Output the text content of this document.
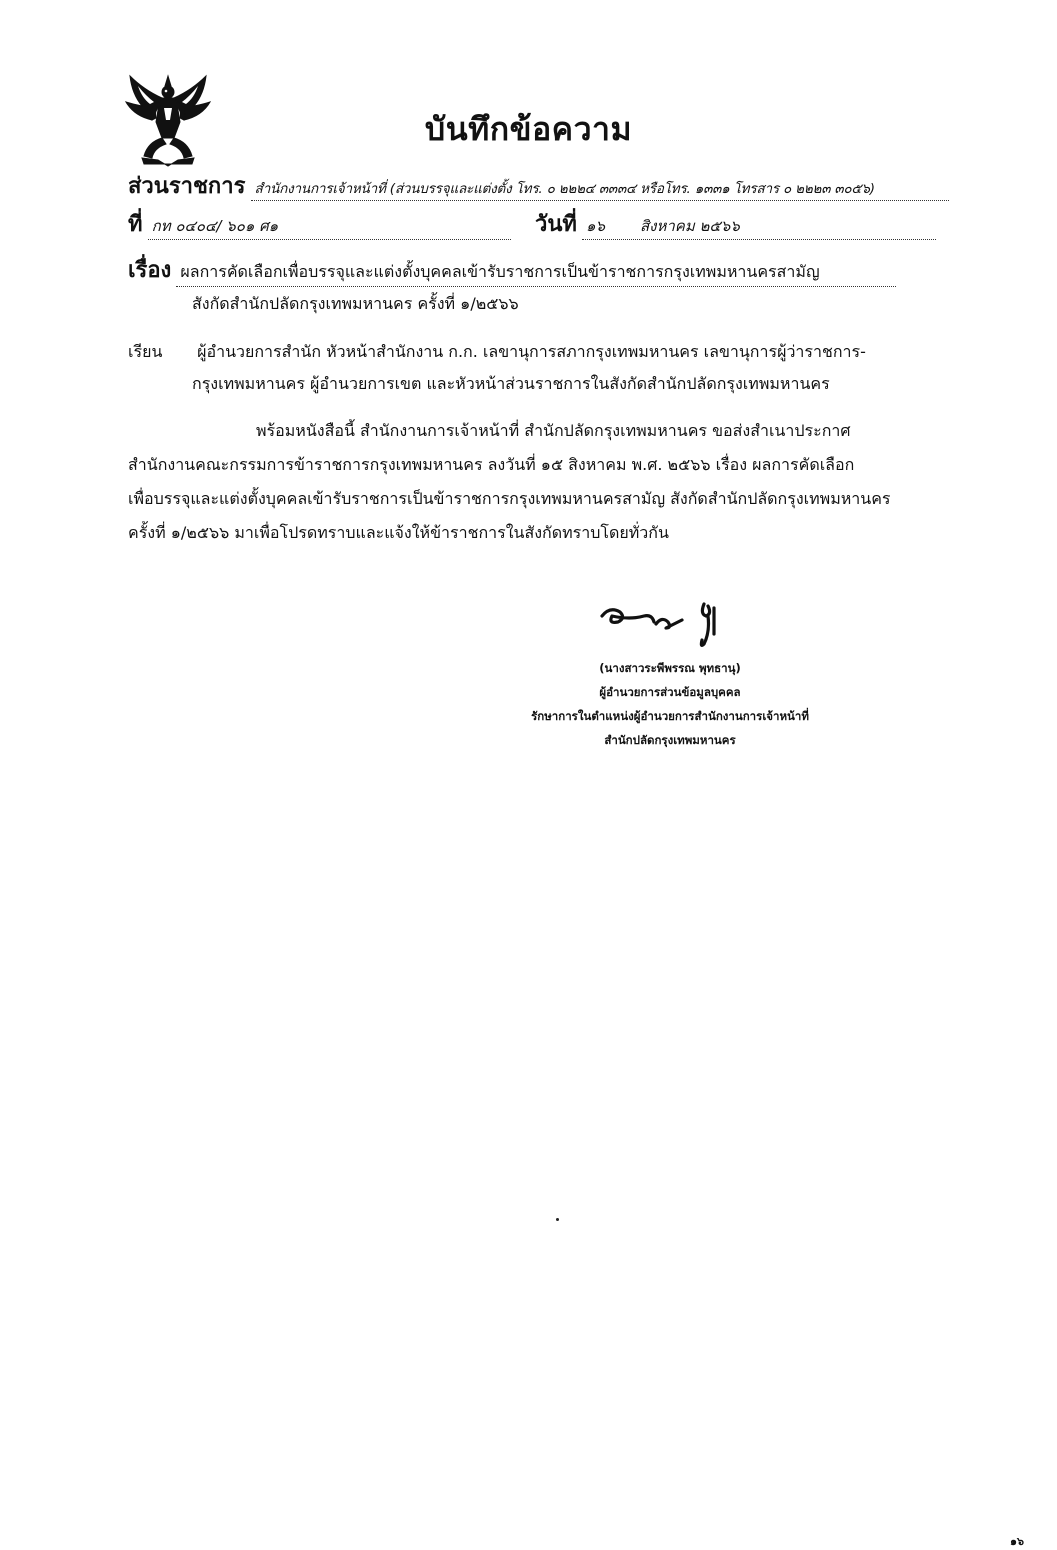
บันทึกข้อความ
ส่วนราชการ สำนักงานการเจ้าหน้าที่ (ส่วนบรรจุและแต่งตั้ง โทร. ๐ ๒๒๒๔ ๓๓๓๔ หรือโทร. ๑๓๓๑ โทรสาร ๐ ๒๒๒๓ ๓๐๕๖)
ที่ กท ๐๔๐๔/ ๖๐๑ ศ๑	วันที่ ๑๖ สิงหาคม ๒๕๖๖
เรื่อง ผลการคัดเลือกเพื่อบรรจุและแต่งตั้งบุคคลเข้ารับราชการเป็นข้าราชการกรุงเทพมหานครสามัญ
สังกัดสำนักปลัดกรุงเทพมหานคร ครั้งที่ ๑/๒๕๖๖
เรียน ผู้อำนวยการสำนัก หัวหน้าสำนักงาน ก.ก. เลขานุการสภากรุงเทพมหานคร เลขานุการผู้ว่าราชการ-
กรุงเทพมหานคร ผู้อำนวยการเขต และหัวหน้าส่วนราชการในสังกัดสำนักปลัดกรุงเทพมหานคร
พร้อมหนังสือนี้ สำนักงานการเจ้าหน้าที่ สำนักปลัดกรุงเทพมหานคร ขอส่งสำเนาประกาศ
สำนักงานคณะกรรมการข้าราชการกรุงเทพมหานคร ลงวันที่ ๑๕ สิงหาคม พ.ศ. ๒๕๖๖ เรื่อง ผลการคัดเลือก
เพื่อบรรจุและแต่งตั้งบุคคลเข้ารับราชการเป็นข้าราชการกรุงเทพมหานครสามัญ สังกัดสำนักปลัดกรุงเทพมหานคร
ครั้งที่ ๑/๒๕๖๖ มาเพื่อโปรดทราบและแจ้งให้ข้าราชการในสังกัดทราบโดยทั่วกัน
(นางสาวระพีพรรณ พุทธานุ)
ผู้อำนวยการส่วนข้อมูลบุคคล
รักษาการในตำแหน่งผู้อำนวยการสำนักงานการเจ้าหน้าที่
สำนักปลัดกรุงเทพมหานคร
๑๖
